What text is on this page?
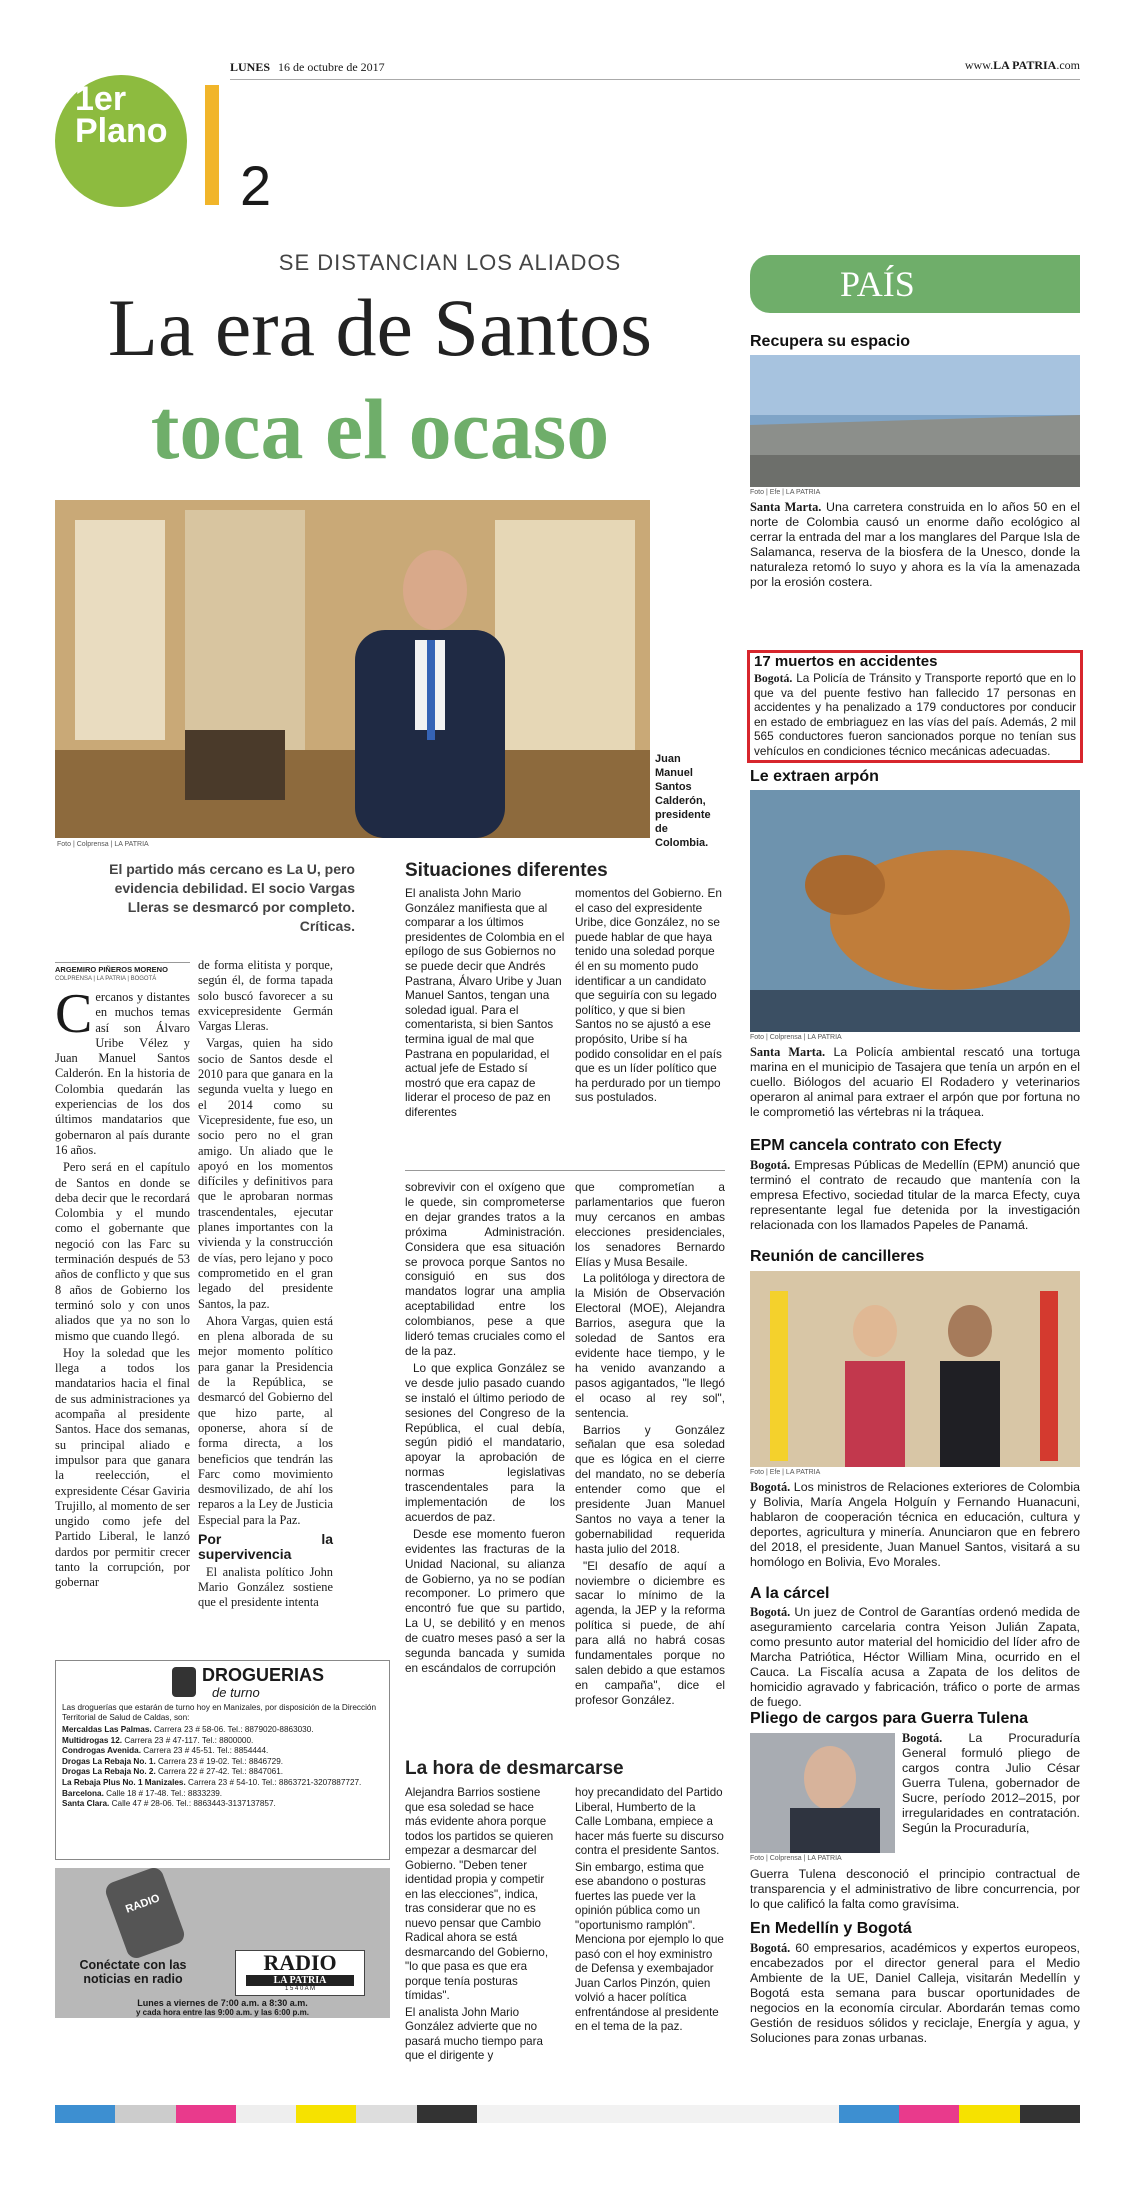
LUNES 16 de octubre de 2017	www.LA PATRIA.com
1er Plano
2
SE DISTANCIAN LOS ALIADOS
La era de Santos
toca el ocaso
Foto | Colprensa | LA PATRIA
Juan Manuel Santos Calderón, presidente de Colombia.
El partido más cercano es La U, pero evidencia debilidad. El socio Vargas Lleras se desmarcó por completo. Críticas.
ARGEMIRO PIÑEROS MORENO
COLPRENSA | LA PATRIA | BOGOTÁ
C ercanos y distantes en muchos temas así son Álvaro Uribe Vélez y Juan Manuel Santos Calderón. En la historia de Colombia quedarán las experiencias de los dos últimos mandatarios que gobernaron al país durante 16 años.

Pero será en el capítulo de Santos en donde se deba decir que le recordará Colombia y el mundo como el gobernante que negoció con las Farc su terminación después de 53 años de conflicto y que sus 8 años de Gobierno los terminó solo y con unos aliados que ya no son lo mismo que cuando llegó.

Hoy la soledad que les llega a todos los mandatarios hacia el final de sus administraciones ya acompaña al presidente Santos. Hace dos semanas, su principal aliado e impulsor para que ganara la reelección, el expresidente César Gaviria Trujillo, al momento de ser ungido como jefe del Partido Liberal, le lanzó dardos por permitir crecer tanto la corrupción, por gobernar

de forma elitista y porque, según él, de forma tapada solo buscó favorecer a su exvicepresidente Germán Vargas Lleras.

Vargas, quien ha sido socio de Santos desde el 2010 para que ganara en la segunda vuelta y luego en el 2014 como su Vicepresidente, fue eso, un socio pero no el gran amigo. Un aliado que le apoyó en los momentos difíciles y definitivos para que le aprobaran normas trascendentales, ejecutar planes importantes con la vivienda y la construcción de vías, pero lejano y poco comprometido en el gran legado del presidente Santos, la paz.

Ahora Vargas, quien está en plena alborada de su mejor momento político para ganar la Presidencia de la República, se desmarcó del Gobierno del que hizo parte, al oponerse, ahora sí de forma directa, a los beneficios que tendrán las Farc como movimiento desmovilizado, de ahí los reparos a la Ley de Justicia Especial para la Paz.

Por la supervivencia

El analista político John Mario González sostiene que el presidente intenta

Situaciones diferentes

El analista John Mario González manifiesta que al comparar a los últimos presidentes de Colombia en el epílogo de sus Gobiernos no se puede decir que Andrés Pastrana, Álvaro Uribe y Juan Manuel Santos, tengan una soledad igual. Para el comentarista, si bien Santos termina igual de mal que Pastrana en popularidad, el actual jefe de Estado sí mostró que era capaz de liderar el proceso de paz en diferentes

momentos del Gobierno. En el caso del expresidente Uribe, dice González, no se puede hablar de que haya tenido una soledad porque él en su momento pudo identificar a un candidato que seguiría con su legado político, y que si bien Santos no se ajustó a ese propósito, Uribe sí ha podido consolidar en el país que es un líder político que ha perdurado por un tiempo sus postulados.

sobrevivir con el oxígeno que le quede, sin comprometerse en dejar grandes tratos a la próxima Administración. Considera que esa situación se provoca porque Santos no consiguió en sus dos mandatos lograr una amplia aceptabilidad entre los colombianos, pese a que lideró temas cruciales como el de la paz.

Lo que explica González se ve desde julio pasado cuando se instaló el último periodo de sesiones del Congreso de la República, el cual debía, según pidió el mandatario, apoyar la aprobación de normas legislativas trascendentales para la implementación de los acuerdos de paz.

Desde ese momento fueron evidentes las fracturas de la Unidad Nacional, su alianza de Gobierno, ya no se podían recomponer. Lo primero que encontró fue que su partido, La U, se debilitó y en menos de cuatro meses pasó a ser la segunda bancada y sumida en escándalos de corrupción

que comprometían a parlamentarios que fueron muy cercanos en ambas elecciones presidenciales, los senadores Bernardo Elías y Musa Besaile.

La politóloga y directora de la Misión de Observación Electoral (MOE), Alejandra Barrios, asegura que la soledad de Santos era evidente hace tiempo, y le ha venido avanzando a pasos agigantados, "le llegó el ocaso al rey sol", sentencia.

Barrios y González señalan que esa soledad que es lógica en el cierre del mandato, no se debería entender como que el presidente Juan Manuel Santos no vaya a tener la gobernabilidad requerida hasta julio del 2018.

"El desafío de aquí a noviembre o diciembre es sacar lo mínimo de la agenda, la JEP y la reforma política si puede, de ahí para allá no habrá cosas fundamentales porque no salen debido a que estamos en campaña", dice el profesor González.

La hora de desmarcarse

Alejandra Barrios sostiene que esa soledad se hace más evidente ahora porque todos los partidos se quieren empezar a desmarcar del Gobierno. "Deben tener identidad propia y competir en las elecciones", indica, tras considerar que no es nuevo pensar que Cambio Radical ahora se está desmarcando del Gobierno, "lo que pasa es que era porque tenía posturas tímidas".

El analista John Mario González advierte que no pasará mucho tiempo para que el dirigente y

hoy precandidato del Partido Liberal, Humberto de la Calle Lombana, empiece a hacer más fuerte su discurso contra el presidente Santos.

Sin embargo, estima que ese abandono o posturas fuertes las puede ver la opinión pública como un "oportunismo ramplón". Menciona por ejemplo lo que pasó con el hoy exministro de Defensa y exembajador Juan Carlos Pinzón, quien volvió a hacer política enfrentándose al presidente en el tema de la paz.

DROGUERIAS
de turno
Las droguerías que estarán de turno hoy en Manizales, por disposición de la Dirección Territorial de Salud de Caldas, son:
Mercaldas Las Palmas. Carrera 23 # 58-06. Tel.: 8879020-8863030.
Multidrogas 12. Carrera 23 # 47-117. Tel.: 8800000.
Condrogas Avenida. Carrera 23 # 45-51. Tel.: 8854444.
Drogas La Rebaja No. 1. Carrera 23 # 19-02. Tel.: 8846729.
Drogas La Rebaja No. 2. Carrera 22 # 27-42. Tel.: 8847061.
La Rebaja Plus No. 1 Manizales. Carrera 23 # 54-10. Tel.: 8863721-3207887727.
Barcelona. Calle 18 # 17-48. Tel.: 8833239.
Santa Clara. Calle 47 # 28-06. Tel.: 8863443-3137137857.
RADIO
Conéctate con las noticias en radio
RADIO
LA PATRIA
1 5 4 0 A M
Lunes a viernes de 7:00 a.m. a 8:30 a.m.
y cada hora entre las 9:00 a.m. y las 6:00 p.m.
PAÍS
Recupera su espacio
Foto | Efe | LA PATRIA
Santa Marta. Una carretera construida en lo años 50 en el norte de Colombia causó un enorme daño ecológico al cerrar la entrada del mar a los manglares del Parque Isla de Salamanca, reserva de la biosfera de la Unesco, donde la naturaleza retomó lo suyo y ahora es la vía la amenazada por la erosión costera.
17 muertos en accidentes
Bogotá. La Policía de Tránsito y Transporte reportó que en lo que va del puente festivo han fallecido 17 personas en accidentes y ha penalizado a 179 conductores por conducir en estado de embriaguez en las vías del país. Además, 2 mil 565 conductores fueron sancionados porque no tenían sus vehículos en condiciones técnico mecánicas adecuadas.
Le extraen arpón
Foto | Colprensa | LA PATRIA
Santa Marta. La Policía ambiental rescató una tortuga marina en el municipio de Tasajera que tenía un arpón en el cuello. Biólogos del acuario El Rodadero y veterinarios operaron al animal para extraer el arpón que por fortuna no le comprometió las vértebras ni la tráquea.
EPM cancela contrato con Efecty
Bogotá. Empresas Públicas de Medellín (EPM) anunció que terminó el contrato de recaudo que mantenía con la empresa Efectivo, sociedad titular de la marca Efecty, cuya representante legal fue detenida por la investigación relacionada con los llamados Papeles de Panamá.
Reunión de cancilleres
Foto | Efe | LA PATRIA
Bogotá. Los ministros de Relaciones exteriores de Colombia y Bolivia, María Angela Holguín y Fernando Huanacuni, hablaron de cooperación técnica en educación, cultura y deportes, agricultura y minería. Anunciaron que en febrero del 2018, el presidente, Juan Manuel Santos, visitará a su homólogo en Bolivia, Evo Morales.
A la cárcel
Bogotá. Un juez de Control de Garantías ordenó medida de aseguramiento carcelaria contra Yeison Julián Zapata, como presunto autor material del homicidio del líder afro de Marcha Patriótica, Héctor William Mina, ocurrido en el Cauca. La Fiscalía acusa a Zapata de los delitos de homicidio agravado y fabricación, tráfico o porte de armas de fuego.
Pliego de cargos para Guerra Tulena
Foto | Colprensa | LA PATRIA
Bogotá. La Procuraduría General formuló pliego de cargos contra Julio César Guerra Tulena, gobernador de Sucre, período 2012–2015, por irregularidades en contratación. Según la Procuraduría,
Guerra Tulena desconoció el principio contractual de transparencia y el administrativo de libre concurrencia, por lo que calificó la falta como gravísima.
En Medellín y Bogotá
Bogotá. 60 empresarios, académicos y expertos europeos, encabezados por el director general para el Medio Ambiente de la UE, Daniel Calleja, visitarán Medellín y Bogotá esta semana para buscar oportunidades de negocios en la economía circular. Abordarán temas como Gestión de residuos sólidos y reciclaje, Energía y agua, y Soluciones para zonas urbanas.
